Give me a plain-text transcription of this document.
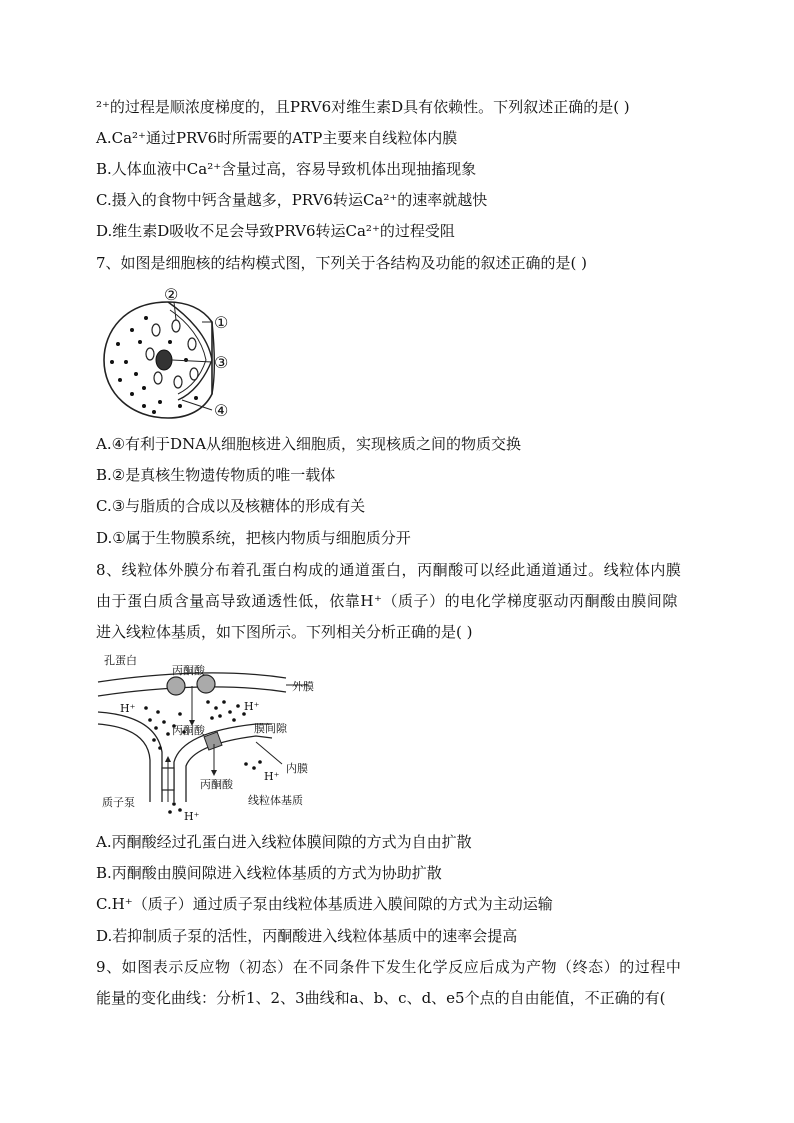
²⁺的过程是顺浓度梯度的，且PRV6对维生素D具有依赖性。下列叙述正确的是( )
A.Ca²⁺通过PRV6时所需要的ATP主要来自线粒体内膜
B.人体血液中Ca²⁺含量过高，容易导致机体出现抽搐现象
C.摄入的食物中钙含量越多，PRV6转运Ca²⁺的速率就越快
D.维生素D吸收不足会导致PRV6转运Ca²⁺的过程受阻
7、如图是细胞核的结构模式图，下列关于各结构及功能的叙述正确的是( )
②
①
③
④
A.④有利于DNA从细胞核进入细胞质，实现核质之间的物质交换
B.②是真核生物遗传物质的唯一载体
C.③与脂质的合成以及核糖体的形成有关
D.①属于生物膜系统，把核内物质与细胞质分开
8、线粒体外膜分布着孔蛋白构成的通道蛋白，丙酮酸可以经此通道通过。线粒体内膜
由于蛋白质含量高导致通透性低，依靠H⁺（质子）的电化学梯度驱动丙酮酸由膜间隙
进入线粒体基质，如下图所示。下列相关分析正确的是( )
孔蛋白
丙酮酸
外膜
H⁺	H⁺
膜间隙
丙酮酸
内膜
H⁺
丙酮酸
质子泵	线粒体基质
H⁺
A.丙酮酸经过孔蛋白进入线粒体膜间隙的方式为自由扩散
B.丙酮酸由膜间隙进入线粒体基质的方式为协助扩散
C.H⁺（质子）通过质子泵由线粒体基质进入膜间隙的方式为主动运输
D.若抑制质子泵的活性，丙酮酸进入线粒体基质中的速率会提高
9、如图表示反应物（初态）在不同条件下发生化学反应后成为产物（终态）的过程中
能量的变化曲线：分析1、2、3曲线和a、b、c、d、e5个点的自由能值，不正确的有(
